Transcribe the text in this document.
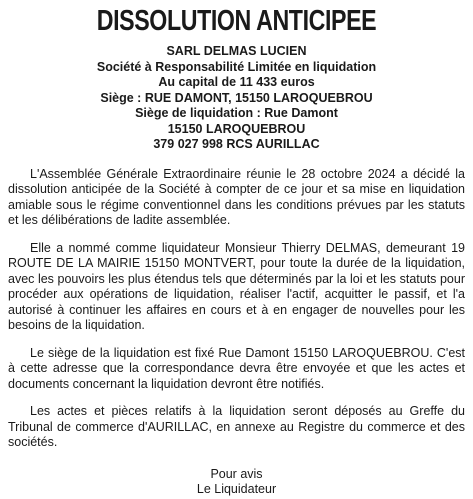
DISSOLUTION ANTICIPEE
SARL DELMAS LUCIEN
Société à Responsabilité Limitée en liquidation
Au capital de 11 433 euros
Siège : RUE DAMONT, 15150 LAROQUEBROU
Siège de liquidation : Rue Damont
15150 LAROQUEBROU
379 027 998 RCS AURILLAC

L'Assemblée Générale Extraordinaire réunie le 28 octobre 2024 a décidé la dissolution anticipée de la Société à compter de ce jour et sa mise en liquidation amiable sous le régime conventionnel dans les conditions prévues par les statuts et les délibérations de ladite assemblée.

Elle a nommé comme liquidateur Monsieur Thierry DELMAS, demeurant 19 ROUTE DE LA MAIRIE 15150 MONTVERT, pour toute la durée de la liquidation, avec les pouvoirs les plus étendus tels que déterminés par la loi et les statuts pour procéder aux opérations de liquidation, réaliser l'actif, acquitter le passif, et l'a autorisé à continuer les affaires en cours et à en engager de nouvelles pour les besoins de la liquidation.

Le siège de la liquidation est fixé Rue Damont 15150 LAROQUEBROU. C'est à cette adresse que la correspondance devra être envoyée et que les actes et documents concernant la liquidation devront être notifiés.

Les actes et pièces relatifs à la liquidation seront déposés au Greffe du Tribunal de commerce d'AURILLAC, en annexe au Registre du commerce et des sociétés.

Pour avis
Le Liquidateur
